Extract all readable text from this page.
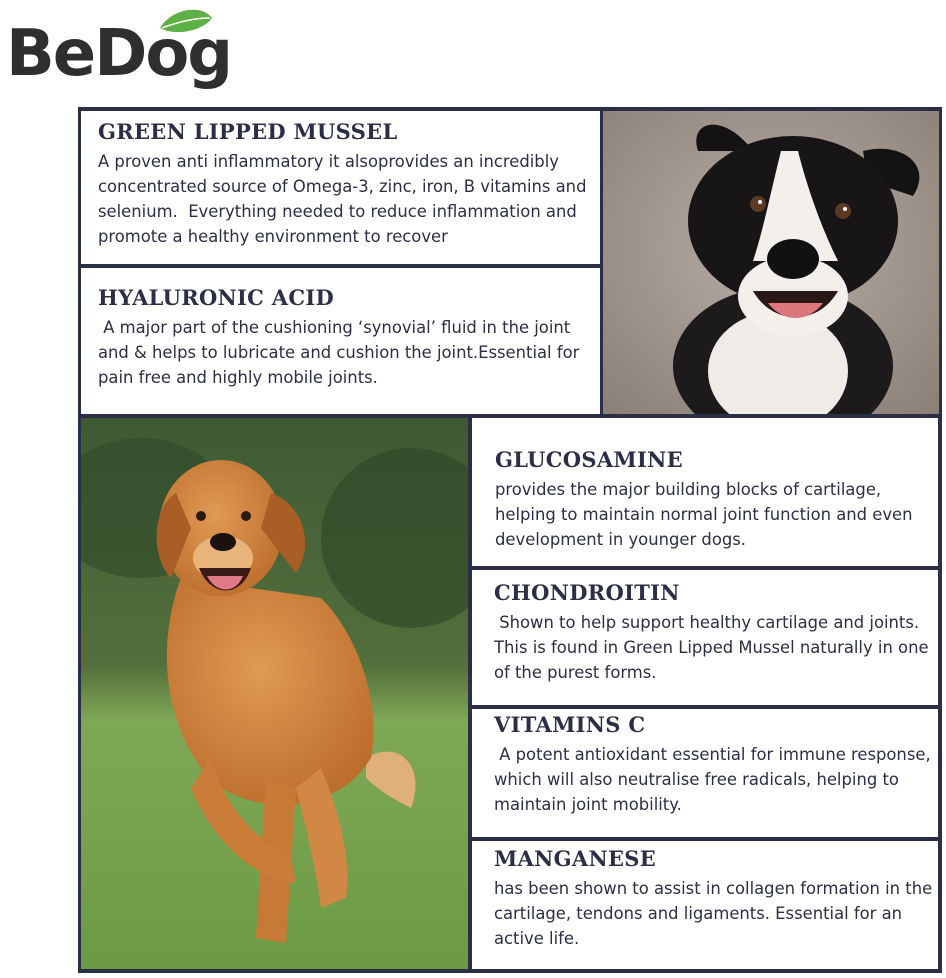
BeDog
GREEN LIPPED MUSSEL

A proven anti inflammatory it alsoprovides an incredibly concentrated source of Omega-3, zinc, iron, B vitamins and selenium.  Everything needed to reduce inflammation and promote a healthy environment to recover

HYALURONIC ACID

A major part of the cushioning ‘synovial’ fluid in the joint and & helps to lubricate and cushion the joint.Essential for pain free and highly mobile joints.

GLUCOSAMINE

provides the major building blocks of cartilage, helping to maintain normal joint function and even development in younger dogs.

CHONDROITIN

Shown to help support healthy cartilage and joints. This is found in Green Lipped Mussel naturally in one of the purest forms.

VITAMINS C

A potent antioxidant essential for immune response, which will also neutralise free radicals, helping to maintain joint mobility.

MANGANESE

has been shown to assist in collagen formation in the cartilage, tendons and ligaments. Essential for an active life.
